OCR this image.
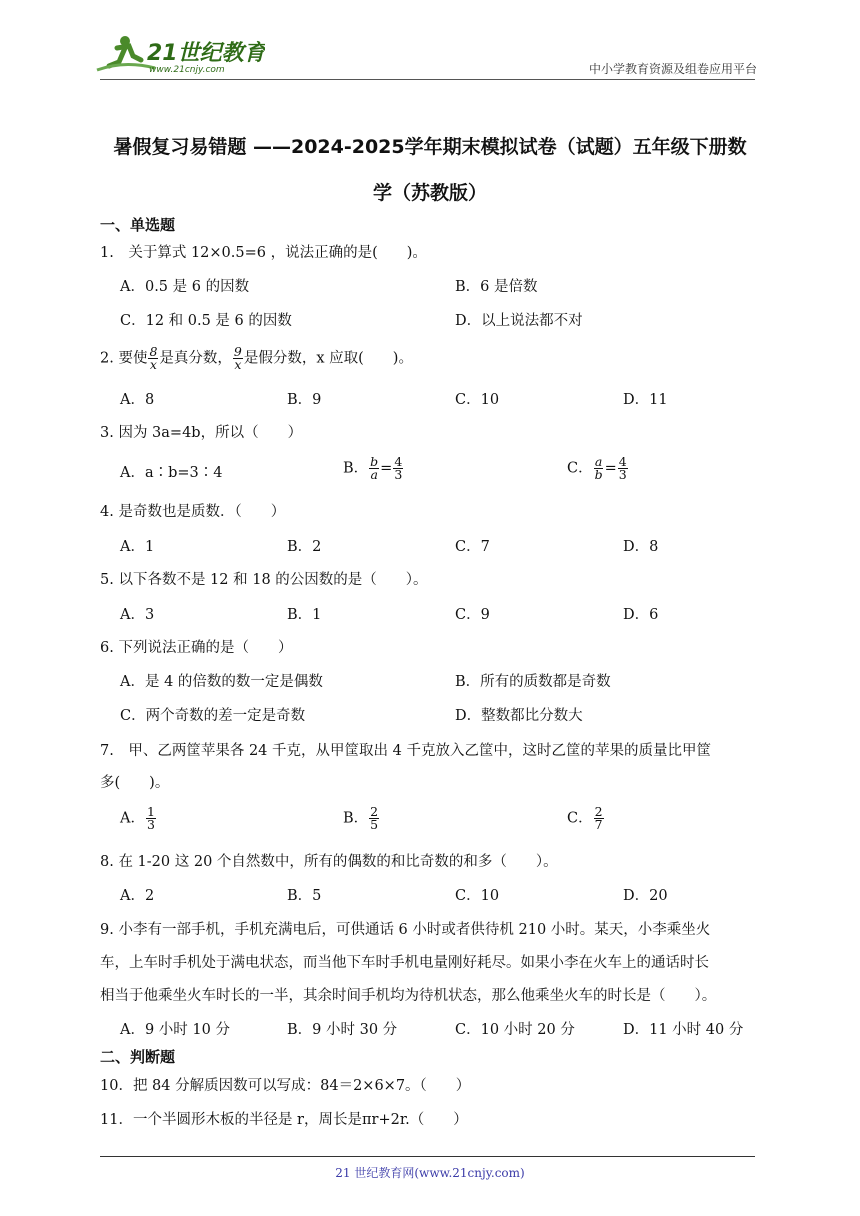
21世纪教育
www.21cnjy.com	中小学教育资源及组卷应用平台
暑假复习易错题 ——2024-2025学年期末模拟试卷（试题）五年级下册数
学（苏教版）
一、单选题
1.　关于算式 12×0.5=6 ，说法正确的是(　　)。
A．0.5 是 6 的因数	B．6 是倍数
C．12 和 0.5 是 6 的因数	D．以上说法都不对
2. 要使 $\frac{8}{x}$ 是真分数， $\frac{9}{x}$ 是假分数，x 应取(　　)。
A．8	B．9	C．10	D．11
3. 因为 3a=4b，所以（　　）
A．a∶b=3∶4	B． $\frac{b}{a} = \frac{4}{3}$	C． $\frac{a}{b} = \frac{4}{3}$
4. 是奇数也是质数．（　　）
A．1	B．2	C．7	D．8
5. 以下各数不是 12 和 18 的公因数的是（　　）。
A．3	B．1	C．9	D．6
6. 下列说法正确的是（　　）
A．是 4 的倍数的数一定是偶数	B．所有的质数都是奇数
C．两个奇数的差一定是奇数	D．整数都比分数大
7.　甲、乙两筐苹果各 24 千克，从甲筐取出 4 千克放入乙筐中，这时乙筐的苹果的质量比甲筐
多(　　)。
A． $\frac{1}{3}$	B． $\frac{2}{5}$	C． $\frac{2}{7}$
8. 在 1-20 这 20 个自然数中，所有的偶数的和比奇数的和多（　　）。
A．2	B．5	C．10	D．20
9. 小李有一部手机，手机充满电后，可供通话 6 小时或者供待机 210 小时。某天，小李乘坐火
车，上车时手机处于满电状态，而当他下车时手机电量刚好耗尽。如果小李在火车上的通话时长
相当于他乘坐火车时长的一半，其余时间手机均为待机状态，那么他乘坐火车的时长是（　　）。
A．9 小时 10 分	B．9 小时 30 分	C．10 小时 20 分	D．11 小时 40 分
二、判断题
10．把 84 分解质因数可以写成：84＝2×6×7。（　　）
11．一个半圆形木板的半径是 r，周长是πr+2r.（　　）
21 世纪教育网(www.21cnjy.com)
